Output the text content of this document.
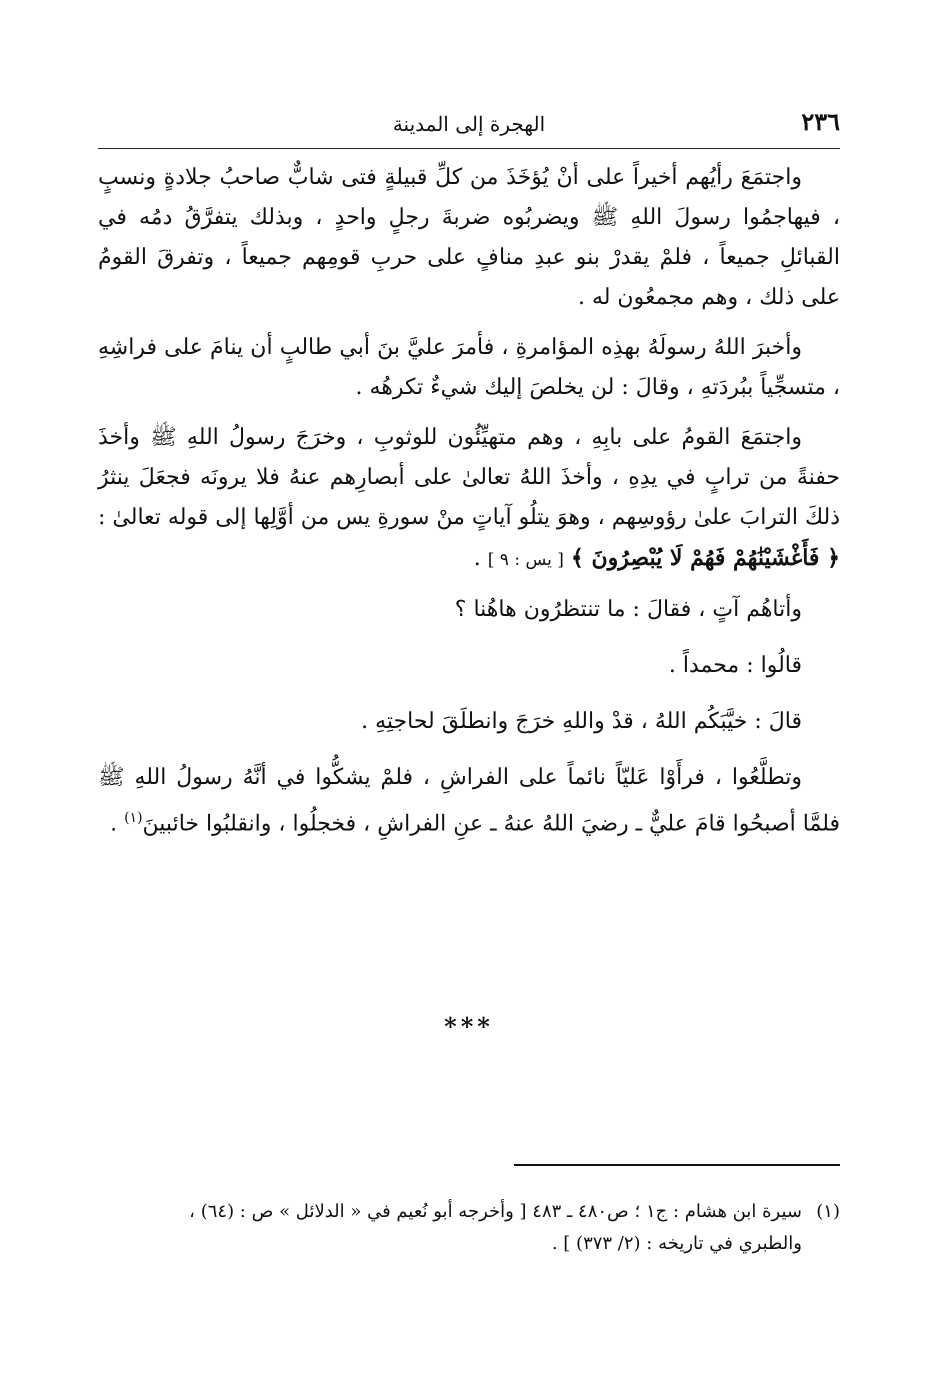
٢٣٦
الهجرة إلى المدينة

واجتمَعَ رأيُهم أخيراً على أنْ يُؤخَذَ من كلِّ قبيلةٍ فتى شابٌّ صاحبُ جلادةٍ ونسبٍ ، فيهاجمُوا رسولَ اللهِ ﷺ ويضربُوه ضربةَ رجلٍ واحدٍ ، وبذلك يتفرَّقُ دمُه في القبائلِ جميعاً ، فلمْ يقدرْ بنو عبدِ منافٍ على حربِ قومِهم جميعاً ، وتفرقَ القومُ على ذلك ، وهم مجمعُون له .

وأخبرَ اللهُ رسولَهُ بهذِه المؤامرةِ ، فأمرَ عليَّ بنَ أبي طالبٍ أن ينامَ على فراشِهِ ، متسجِّياً ببُردَتهِ ، وقالَ : لن يخلصَ إليك شيءٌ تكرهُه .

واجتمَعَ القومُ على بابِهِ ، وهم متهيِّئُون للوثوبِ ، وخرَجَ رسولُ اللهِ ﷺ وأخذَ حفنةً من ترابٍ في يدِهِ ، وأخذَ اللهُ تعالىٰ على أبصارِهم عنهُ فلا يرونَه فجعَلَ ينثرُ ذلكَ الترابَ علىٰ رؤوسِهم ، وهوَ يتلُو آياتٍ منْ سورةِ يس من أوَّلِها إلى قوله تعالىٰ : ﴿ فَأَغْشَيْنَٰهُمْ فَهُمْ لَا يُبْصِرُونَ ﴾ [ يس : ٩ ] .

وأتاهُم آتٍ ، فقالَ : ما تنتظرُون هاهُنا ؟

قالُوا : محمداً .

قالَ : خيَّبَكُم اللهُ ، قدْ واللهِ خرَجَ وانطلَقَ لحاجتِهِ .

وتطلَّعُوا ، فرأَوْا عَليّاً نائماً على الفراشِ ، فلمْ يشكُّوا في أنَّهُ رسولُ اللهِ ﷺ فلمَّا أصبحُوا قامَ عليٌّ ـ رضيَ اللهُ عنهُ ـ عنِ الفراشِ ، فخجلُوا ، وانقلبُوا خائبينَ$^{(١)}$ .

***
(١)سيرة ابن هشام : ج١ ؛ ص٤٨٠ ـ ٤٨٣ [ وأخرجه أبو نُعيم في « الدلائل » ص : (٦٤) ،
والطبري في تاريخه : (٢/ ٣٧٣) ] .
